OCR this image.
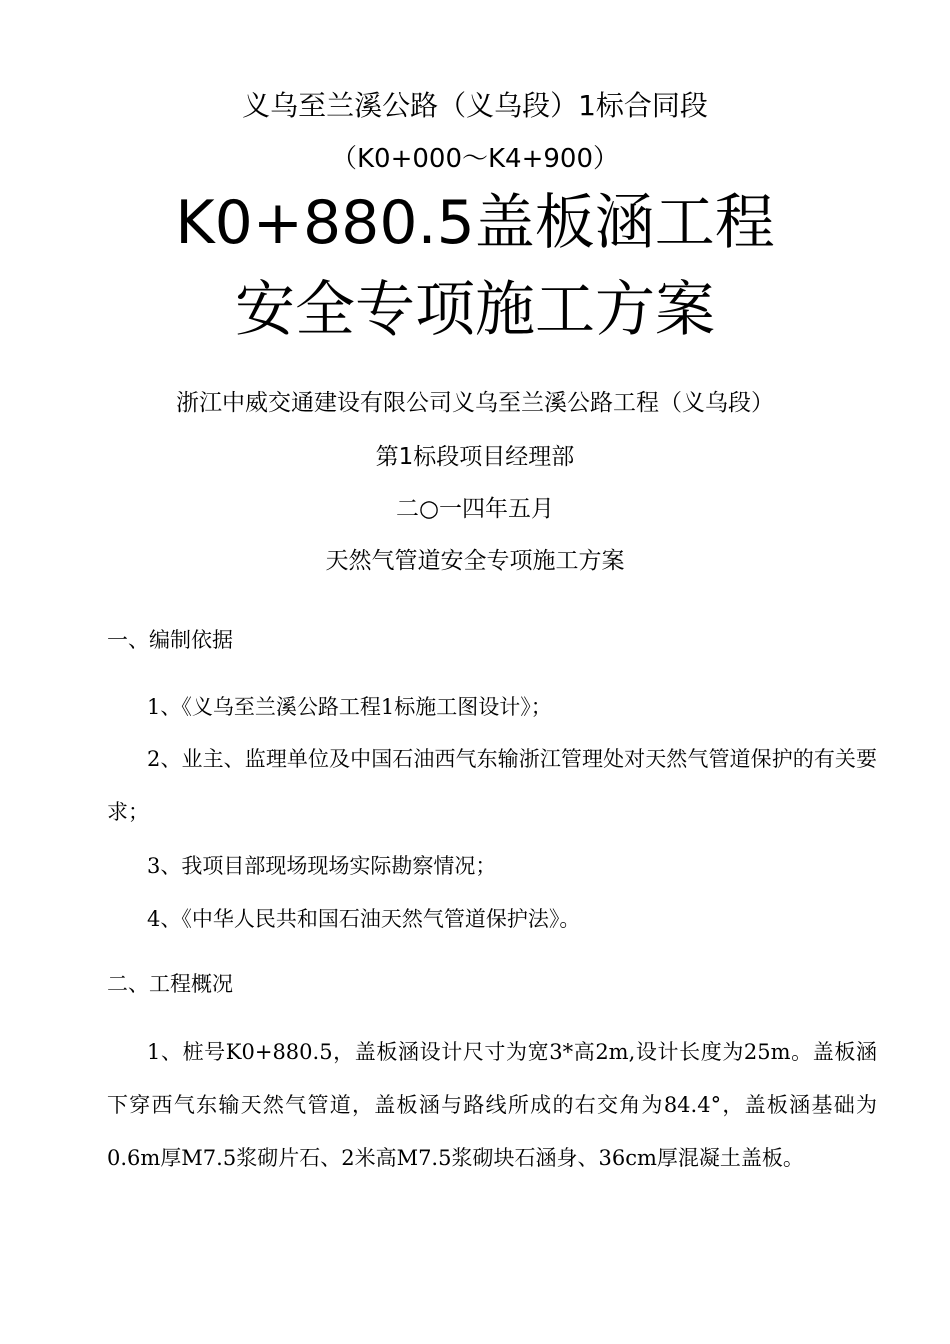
义乌至兰溪公路（义乌段）1标合同段
（K0+000～K4+900）
K0+880.5盖板涵工程
安全专项施工方案
浙江中威交通建设有限公司义乌至兰溪公路工程（义乌段）
第1标段项目经理部
二○一四年五月
天然气管道安全专项施工方案
一、编制依据
1、《义乌至兰溪公路工程1标施工图设计》；
2、业主、监理单位及中国石油西气东输浙江管理处对天然气管道保护的有关要求；
3、我项目部现场现场实际勘察情况；
4、《中华人民共和国石油天然气管道保护法》。
二、工程概况
1、桩号K0+880.5，盖板涵设计尺寸为宽3*高2m,设计长度为25m。盖板涵下穿西气东输天然气管道，盖板涵与路线所成的右交角为84.4°，盖板涵基础为0.6m厚M7.5浆砌片石、2米高M7.5浆砌块石涵身、36cm厚混凝土盖板。
